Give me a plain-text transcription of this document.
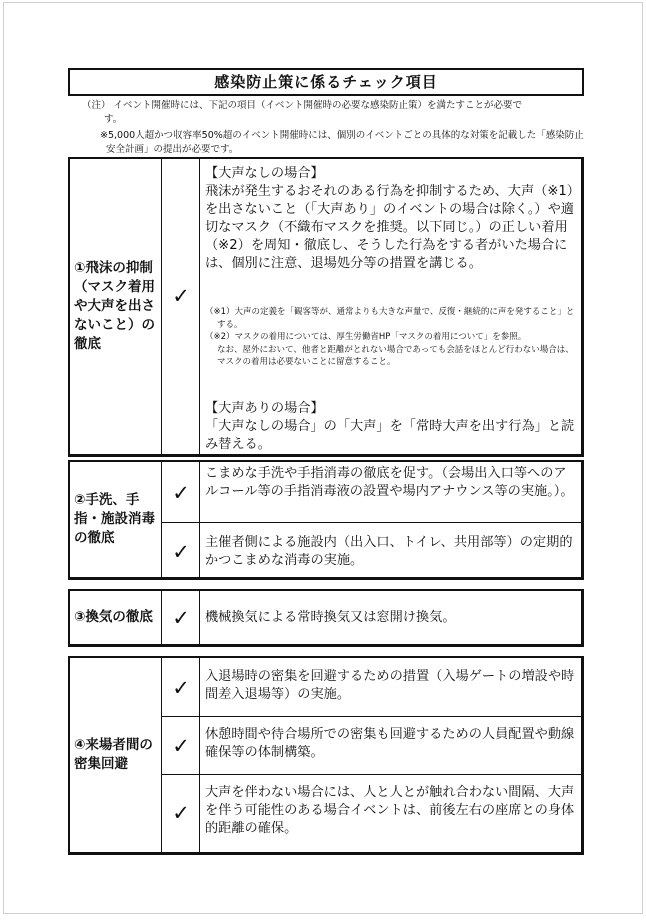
感染防止策に係るチェック項目
（注） イベント開催時には、下記の項目（イベント開催時の必要な感染防止策）を満たすことが必要です。
※5,000人超かつ収容率50%超のイベント開催時には、個別のイベントごとの具体的な対策を記載した「感染防止安全計画」の提出が必要です。
①飛沫の抑制（マスク着用や大声を出さないこと）の徹底
✓
【大声なしの場合】
飛沫が発生するおそれのある行為を抑制するため、大声（※1）を出さないこと（「大声あり」のイベントの場合は除く。）や適切なマスク（不織布マスクを推奨。以下同じ。）の正しい着用（※2）を周知・徹底し、そうした行為をする者がいた場合には、個別に注意、退場処分等の措置を講じる。
（※1）大声の定義を「観客等が、通常よりも大きな声量で、反復・継続的に声を発すること」とする。
（※2）マスクの着用については、厚生労働省HP「マスクの着用について」を参照。
なお、屋外において、他者と距離がとれない場合であっても会話をほとんど行わない場合は、マスクの着用は必要ないことに留意すること。
【大声ありの場合】
「大声なしの場合」の「大声」を「常時大声を出す行為」と読み替える。
②手洗、手指・施設消毒の徹底
✓
✓
こまめな手洗や手指消毒の徹底を促す。（会場出入口等へのアルコール等の手指消毒液の設置や場内アナウンス等の実施。）。
主催者側による施設内（出入口、トイレ、共用部等）の定期的かつこまめな消毒の実施。
③換気の徹底 ✓	機械換気による常時換気又は窓開け換気。
④来場者間の密集回避
✓
✓
✓
入退場時の密集を回避するための措置（入場ゲートの増設や時間差入退場等）の実施。
休憩時間や待合場所での密集も回避するための人員配置や動線確保等の体制構築。
大声を伴わない場合には、人と人とが触れ合わない間隔、大声を伴う可能性のある場合イベントは、前後左右の座席との身体的距離の確保。
